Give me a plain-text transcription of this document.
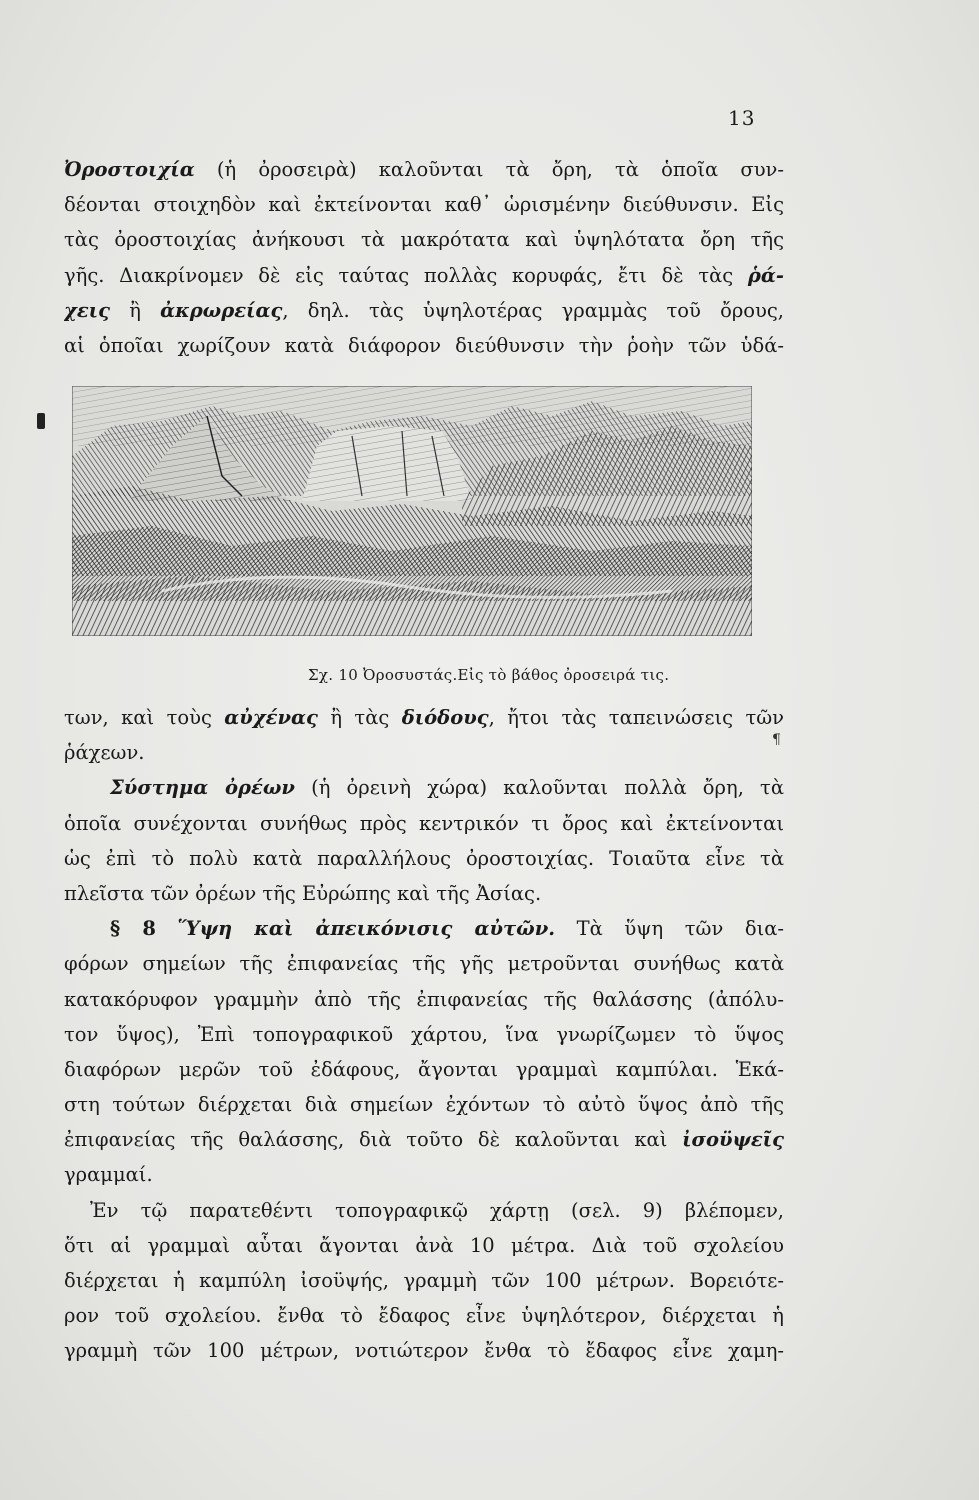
13
Ὀροστοιχία (ἡ ὀροσειρὰ) καλοῦνται τὰ ὄρη, τὰ ὁποῖα συν-
δέονται στοιχηδὸν καὶ ἐκτείνονται καθ᾽ ὡρισμένην διεύθυνσιν. Εἰς
τὰς ὀροστοιχίας ἀνήκουσι τὰ μακρότατα καὶ ὑψηλότατα ὄρη τῆς
γῆς. Διακρίνομεν δὲ εἰς ταύτας πολλὰς κορυφάς, ἔτι δὲ τὰς ῥά-
χεις ἢ ἀκρωρείας, δηλ. τὰς ὑψηλοτέρας γραμμὰς τοῦ ὄρους,
αἱ ὁποῖαι χωρίζουν κατὰ διάφορον διεύθυνσιν τὴν ῥοὴν τῶν ὑδά-
Σχ. 10 Ὀροσυστάς.Εἰς τὸ βάθος ὀροσειρά τις.
¶
των, καὶ τοὺς αὐχένας ἢ τὰς διόδους, ἤτοι τὰς ταπεινώσεις τῶν
ῥάχεων.
Σύστημα ὀρέων (ἡ ὀρεινὴ χώρα) καλοῦνται πολλὰ ὄρη, τὰ
ὁποῖα συνέχονται συνήθως πρὸς κεντρικόν τι ὄρος καὶ ἐκτείνονται
ὡς ἐπὶ τὸ πολὺ κατὰ παραλλήλους ὀροστοιχίας. Τοιαῦτα εἶνε τὰ
πλεῖστα τῶν ὀρέων τῆς Εὐρώπης καὶ τῆς Ἀσίας.
§ 8 Ὕψη καὶ ἀπεικόνισις αὐτῶν. Τὰ ὕψη τῶν δια-
φόρων σημείων τῆς ἐπιφανείας τῆς γῆς μετροῦνται συνήθως κατὰ
κατακόρυφον γραμμὴν ἀπὸ τῆς ἐπιφανείας τῆς θαλάσσης (ἀπόλυ-
τον ὕψος), Ἐπὶ τοπογραφικοῦ χάρτου, ἵνα γνωρίζωμεν τὸ ὕψος
διαφόρων μερῶν τοῦ ἐδάφους, ἄγονται γραμμαὶ καμπύλαι. Ἑκά-
στη τούτων διέρχεται διὰ σημείων ἐχόντων τὸ αὐτὸ ὕψος ἀπὸ τῆς
ἐπιφανείας τῆς θαλάσσης, διὰ τοῦτο δὲ καλοῦνται καὶ ἰσοϋψεῖς
γραμμαί.
Ἐν τῷ παρατεθέντι τοπογραφικῷ χάρτῃ (σελ. 9) βλέπομεν,
ὅτι αἱ γραμμαὶ αὗται ἄγονται ἀνὰ 10 μέτρα. Διὰ τοῦ σχολείου
διέρχεται ἡ καμπύλη ἰσοϋψής, γραμμὴ τῶν 100 μέτρων. Βορειότε-
ρον τοῦ σχολείου. ἔνθα τὸ ἔδαφος εἶνε ὑψηλότερον, διέρχεται ἡ
γραμμὴ τῶν 100 μέτρων, νοτιώτερον ἔνθα τὸ ἔδαφος εἶνε χαμη-
